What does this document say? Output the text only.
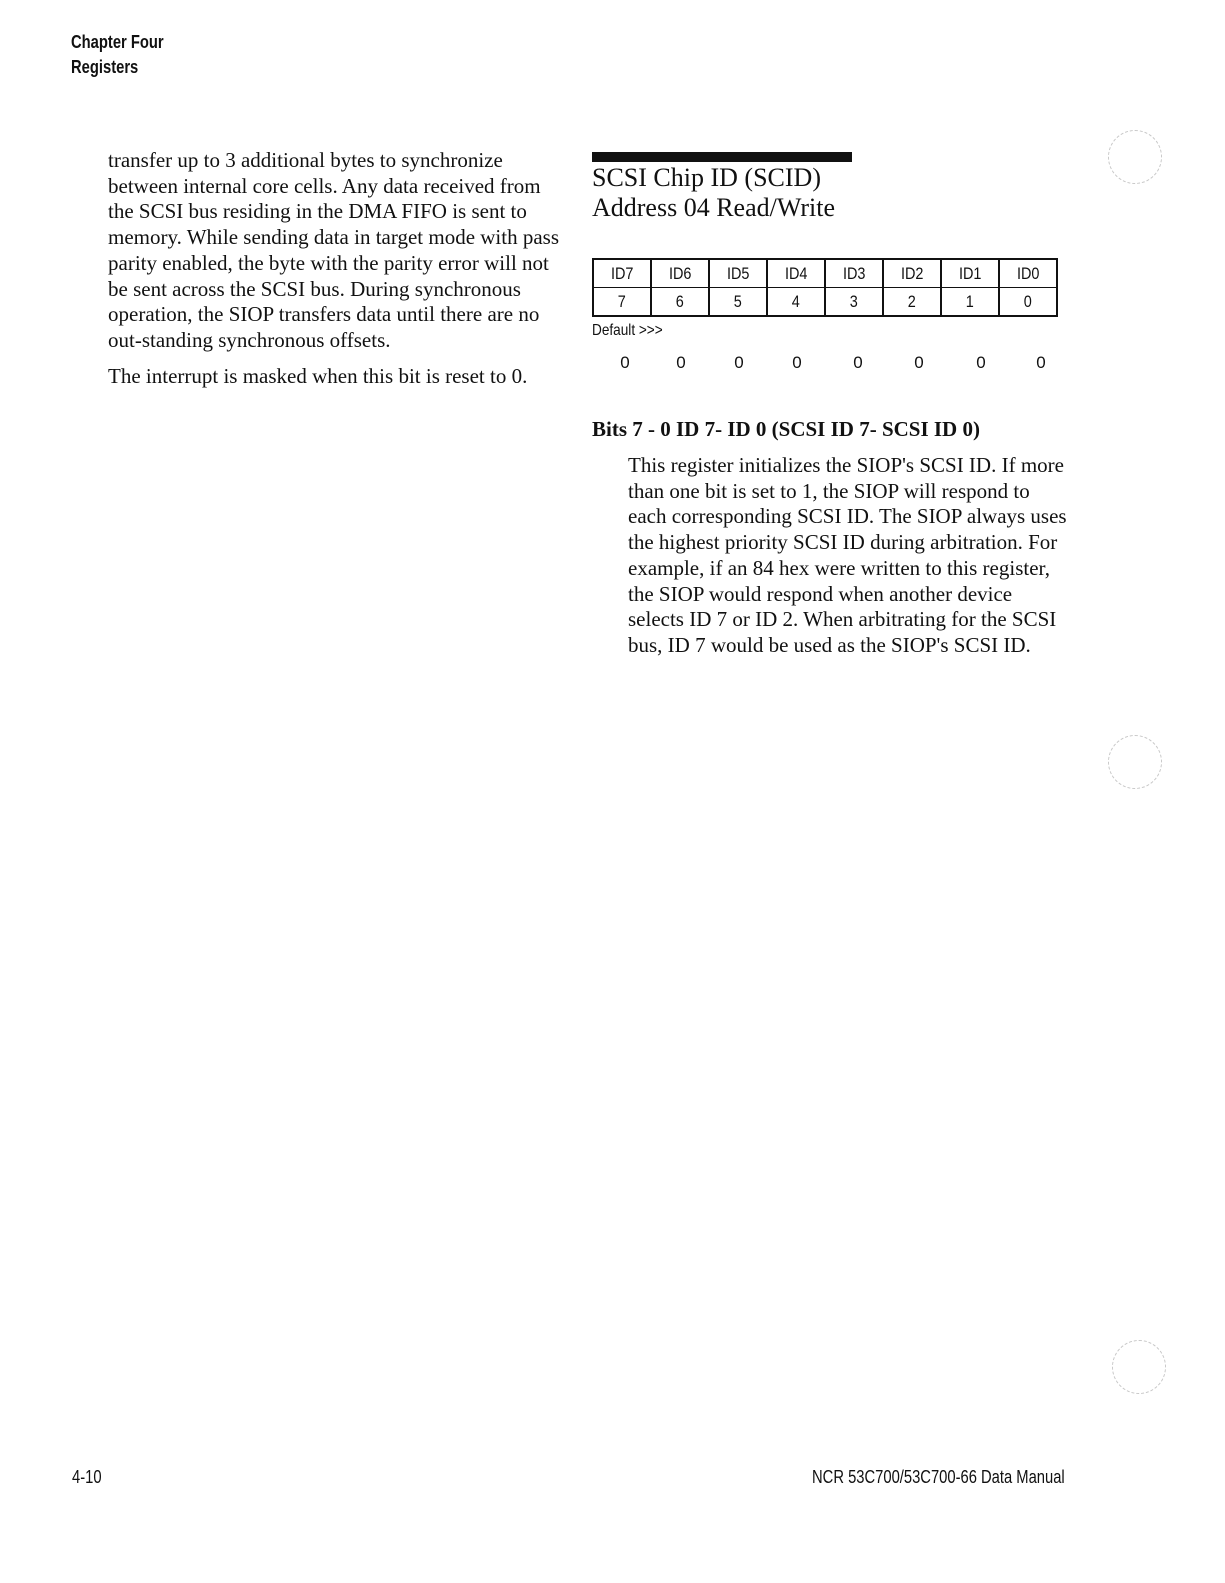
Chapter Four
Registers

transfer up to 3 additional bytes to synchronize between internal core cells. Any data received from the SCSI bus residing in the DMA FIFO is sent to memory. While sending data in target mode with pass parity enabled, the byte with the parity error will not be sent across the SCSI bus. During synchronous operation, the SIOP transfers data until there are no out-standing synchronous offsets.

The interrupt is masked when this bit is reset to 0.

SCSI Chip ID (SCID)
Address 04 Read/Write
ID7	ID6	ID5	ID4	ID3	ID2	ID1	ID0
7	6	5	4	3	2	1	0
Default >>>
0	0	0	0	0	0	0	0
Bits 7 - 0 ID 7- ID 0 (SCSI ID 7- SCSI ID 0)

This register initializes the SIOP's SCSI ID. If more than one bit is set to 1, the SIOP will respond to each corresponding SCSI ID. The SIOP always uses the highest priority SCSI ID during arbitration. For example, if an 84 hex were written to this register, the SIOP would respond when another device selects ID 7 or ID 2. When arbitrating for the SCSI bus, ID 7 would be used as the SIOP's SCSI ID.

4-10	NCR 53C700/53C700-66 Data Manual
